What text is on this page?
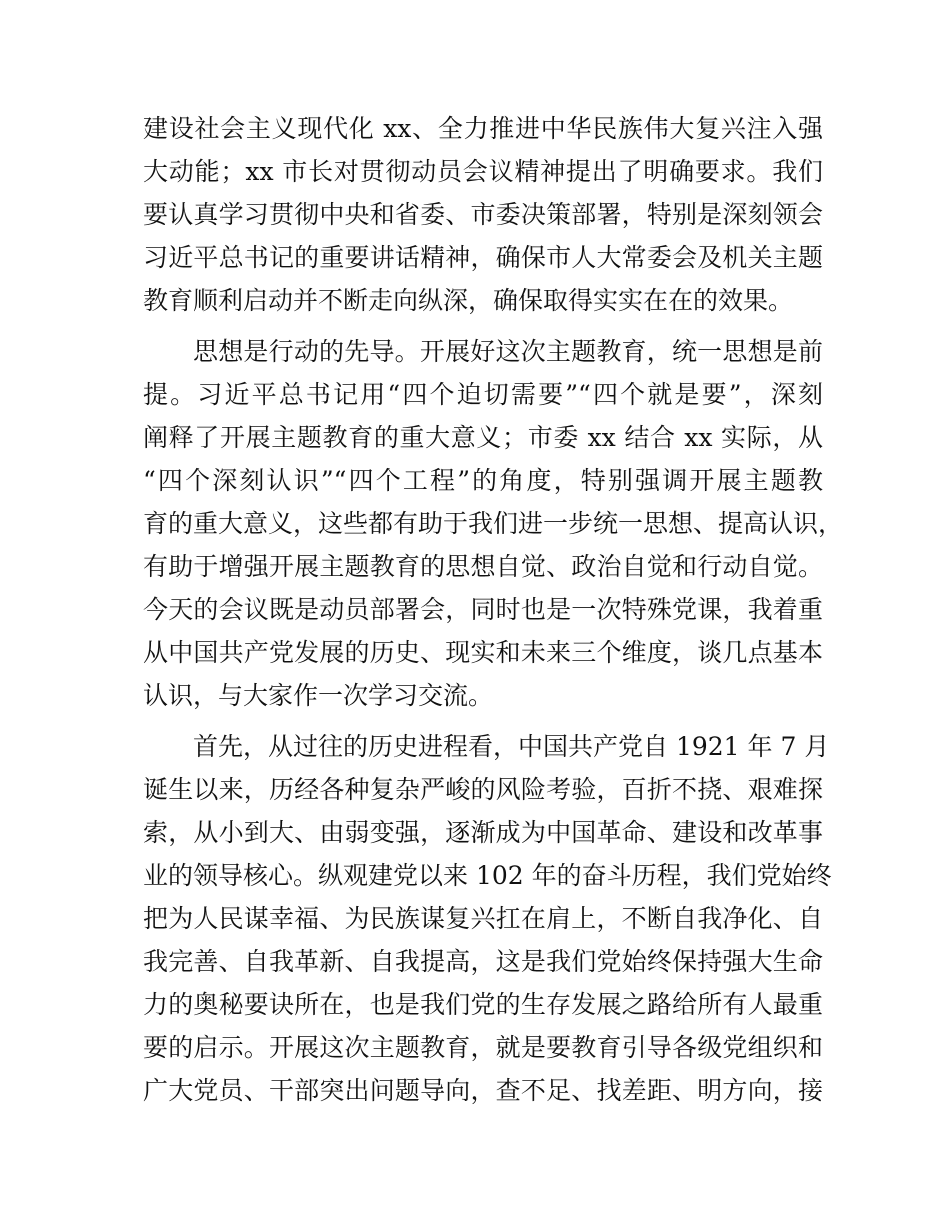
建设社会主义现代化 xx、全力推进中华民族伟大复兴注入强
大动能；xx 市长对贯彻动员会议精神提出了明确要求。我们
要认真学习贯彻中央和省委、市委决策部署，特别是深刻领会
习近平总书记的重要讲话精神，确保市人大常委会及机关主题
教育顺利启动并不断走向纵深，确保取得实实在在的效果。
思想是行动的先导。开展好这次主题教育，统一思想是前
提。习近平总书记用“四个迫切需要”“四个就是要”，深刻
阐释了开展主题教育的重大意义；市委 xx 结合 xx 实际，从
“四个深刻认识”“四个工程”的角度，特别强调开展主题教
育的重大意义，这些都有助于我们进一步统一思想、提高认识，
有助于增强开展主题教育的思想自觉、政治自觉和行动自觉。
今天的会议既是动员部署会，同时也是一次特殊党课，我着重
从中国共产党发展的历史、现实和未来三个维度，谈几点基本
认识，与大家作一次学习交流。
首先，从过往的历史进程看，中国共产党自 1921 年 7 月
诞生以来，历经各种复杂严峻的风险考验，百折不挠、艰难探
索，从小到大、由弱变强，逐渐成为中国革命、建设和改革事
业的领导核心。纵观建党以来 102 年的奋斗历程，我们党始终
把为人民谋幸福、为民族谋复兴扛在肩上，不断自我净化、自
我完善、自我革新、自我提高，这是我们党始终保持强大生命
力的奥秘要诀所在，也是我们党的生存发展之路给所有人最重
要的启示。开展这次主题教育，就是要教育引导各级党组织和
广大党员、干部突出问题导向，查不足、找差距、明方向，接
